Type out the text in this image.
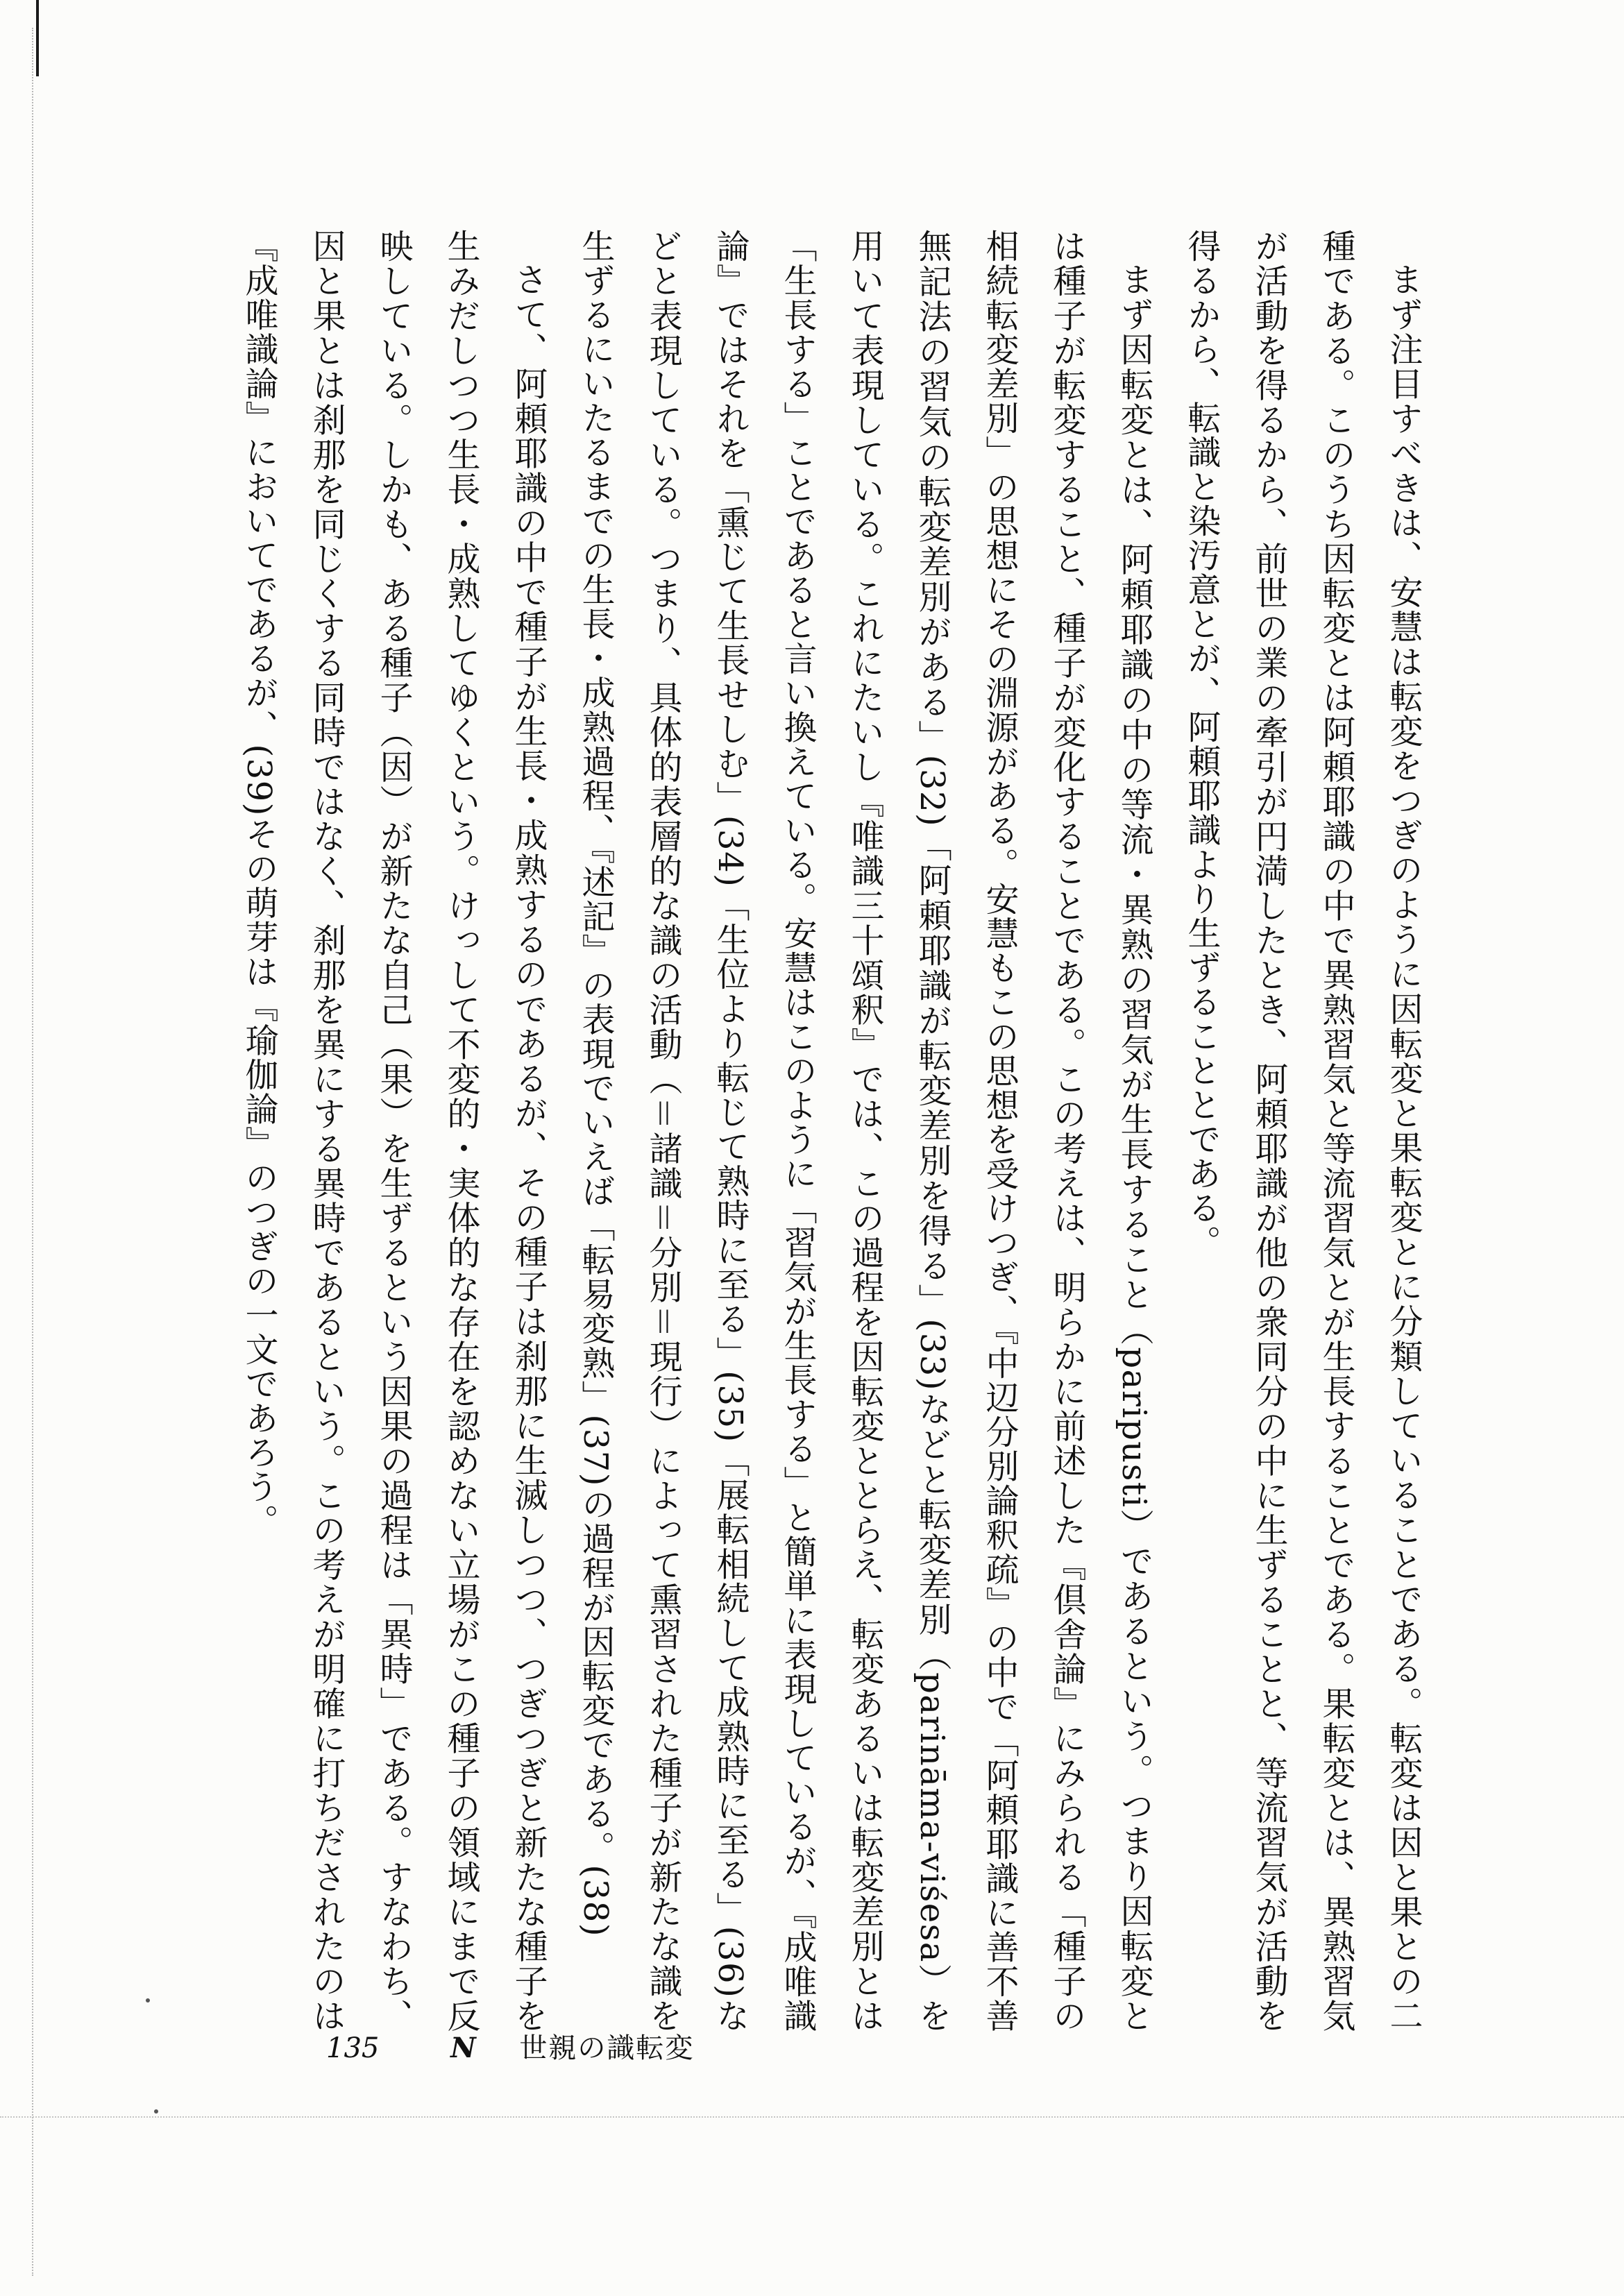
まず注目すべきは、安慧は転変をつぎのように因転変と果転変とに分類していることである。転変は因と果との二種である。このうち因転変とは阿頼耶識の中で異熟習気と等流習気とが生長することである。果転変とは、異熟習気が活動を得るから、前世の業の牽引が円満したとき、阿頼耶識が他の衆同分の中に生ずることと、等流習気が活動を得るから、転識と染汚意とが、阿頼耶識より生ずることとである。

まず因転変とは、阿頼耶識の中の等流・異熟の習気が生長すること（paripusti）であるという。つまり因転変とは種子が転変すること、種子が変化することである。この考えは、明らかに前述した『倶舎論』にみられる「種子の相続転変差別」の思想にその淵源がある。安慧もこの思想を受けつぎ、『中辺分別論釈疏』の中で「阿頼耶識に善不善無記法の習気の転変差別がある」(32)「阿頼耶識が転変差別を得る」(33)などと転変差別（parināma-viśesa）を用いて表現している。これにたいし『唯識三十頌釈』では、この過程を因転変ととらえ、転変あるいは転変差別とは「生長する」ことであると言い換えている。安慧はこのように「習気が生長する」と簡単に表現しているが、『成唯識論』ではそれを「熏じて生長せしむ」(34)「生位より転じて熟時に至る」(35)「展転相続して成熟時に至る」(36)などと表現している。つまり、具体的表層的な識の活動（＝諸識＝分別＝現行）によって熏習された種子が新たな識を生ずるにいたるまでの生長・成熟過程、『述記』の表現でいえば「転易変熟」(37)の過程が因転変である。(38)

さて、阿頼耶識の中で種子が生長・成熟するのであるが、その種子は刹那に生滅しつつ、つぎつぎと新たな種子を生みだしつつ生長・成熟してゆくという。けっして不変的・実体的な存在を認めない立場がこの種子の領域にまで反映している。しかも、ある種子（因）が新たな自己（果）を生ずるという因果の過程は「異時」である。すなわち、因と果とは刹那を同じくする同時ではなく、刹那を異にする異時であるという。この考えが明確に打ちだされたのは『成唯識論』においてであるが、(39)その萌芽は『瑜伽論』のつぎの一文であろう。

135	N 世親の識転変
